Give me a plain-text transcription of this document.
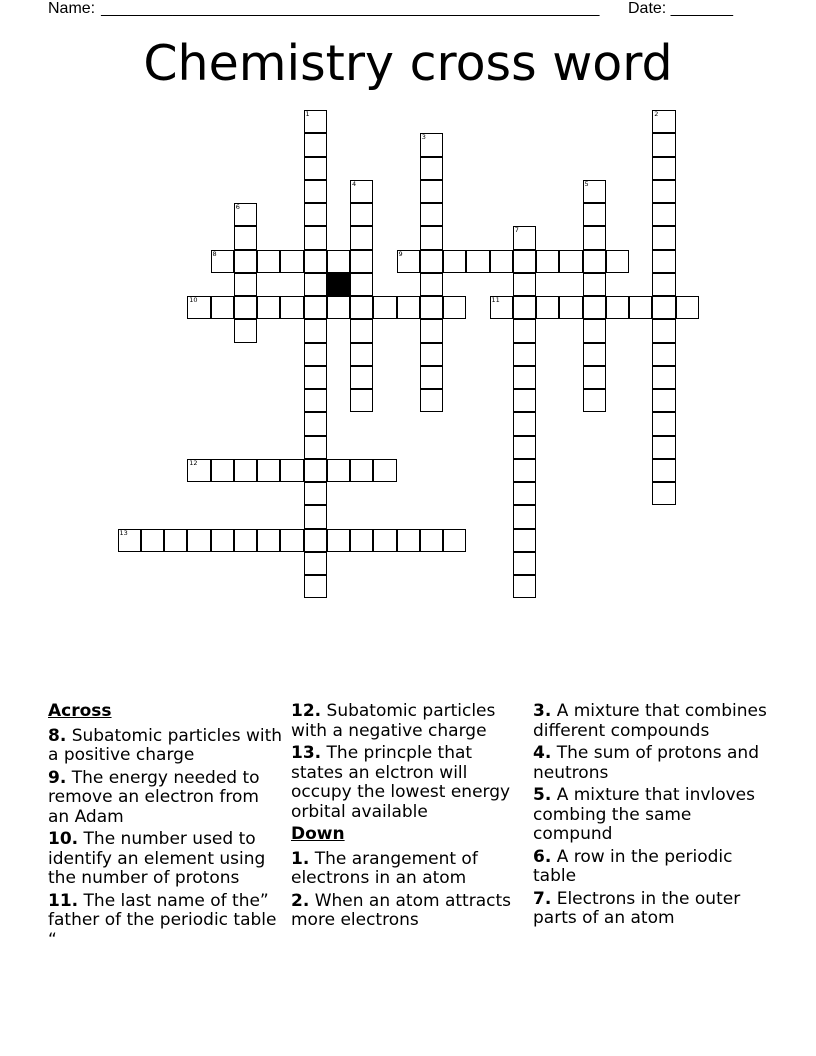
Name: ________________________________________________________	Date: _______
Chemistry cross word
1	2
3
4	5
6
7
8	9
10	11
12
13
Across
8. Subatomic particles with a positive charge
9. The energy needed to remove an electron from an Adam
10. The number used to identify an element using the number of protons
11. The last name of the” father of the periodic table “
12. Subatomic particles with a negative charge
13. The princple that states an elctron will occupy the lowest energy orbital available
Down
1. The arangement of electrons in an atom
2. When an atom attracts more electrons
3. A mixture that combines different compounds
4. The sum of protons and neutrons
5. A mixture that invloves combing the same compund
6. A row in the periodic table
7. Electrons in the outer parts of an atom
